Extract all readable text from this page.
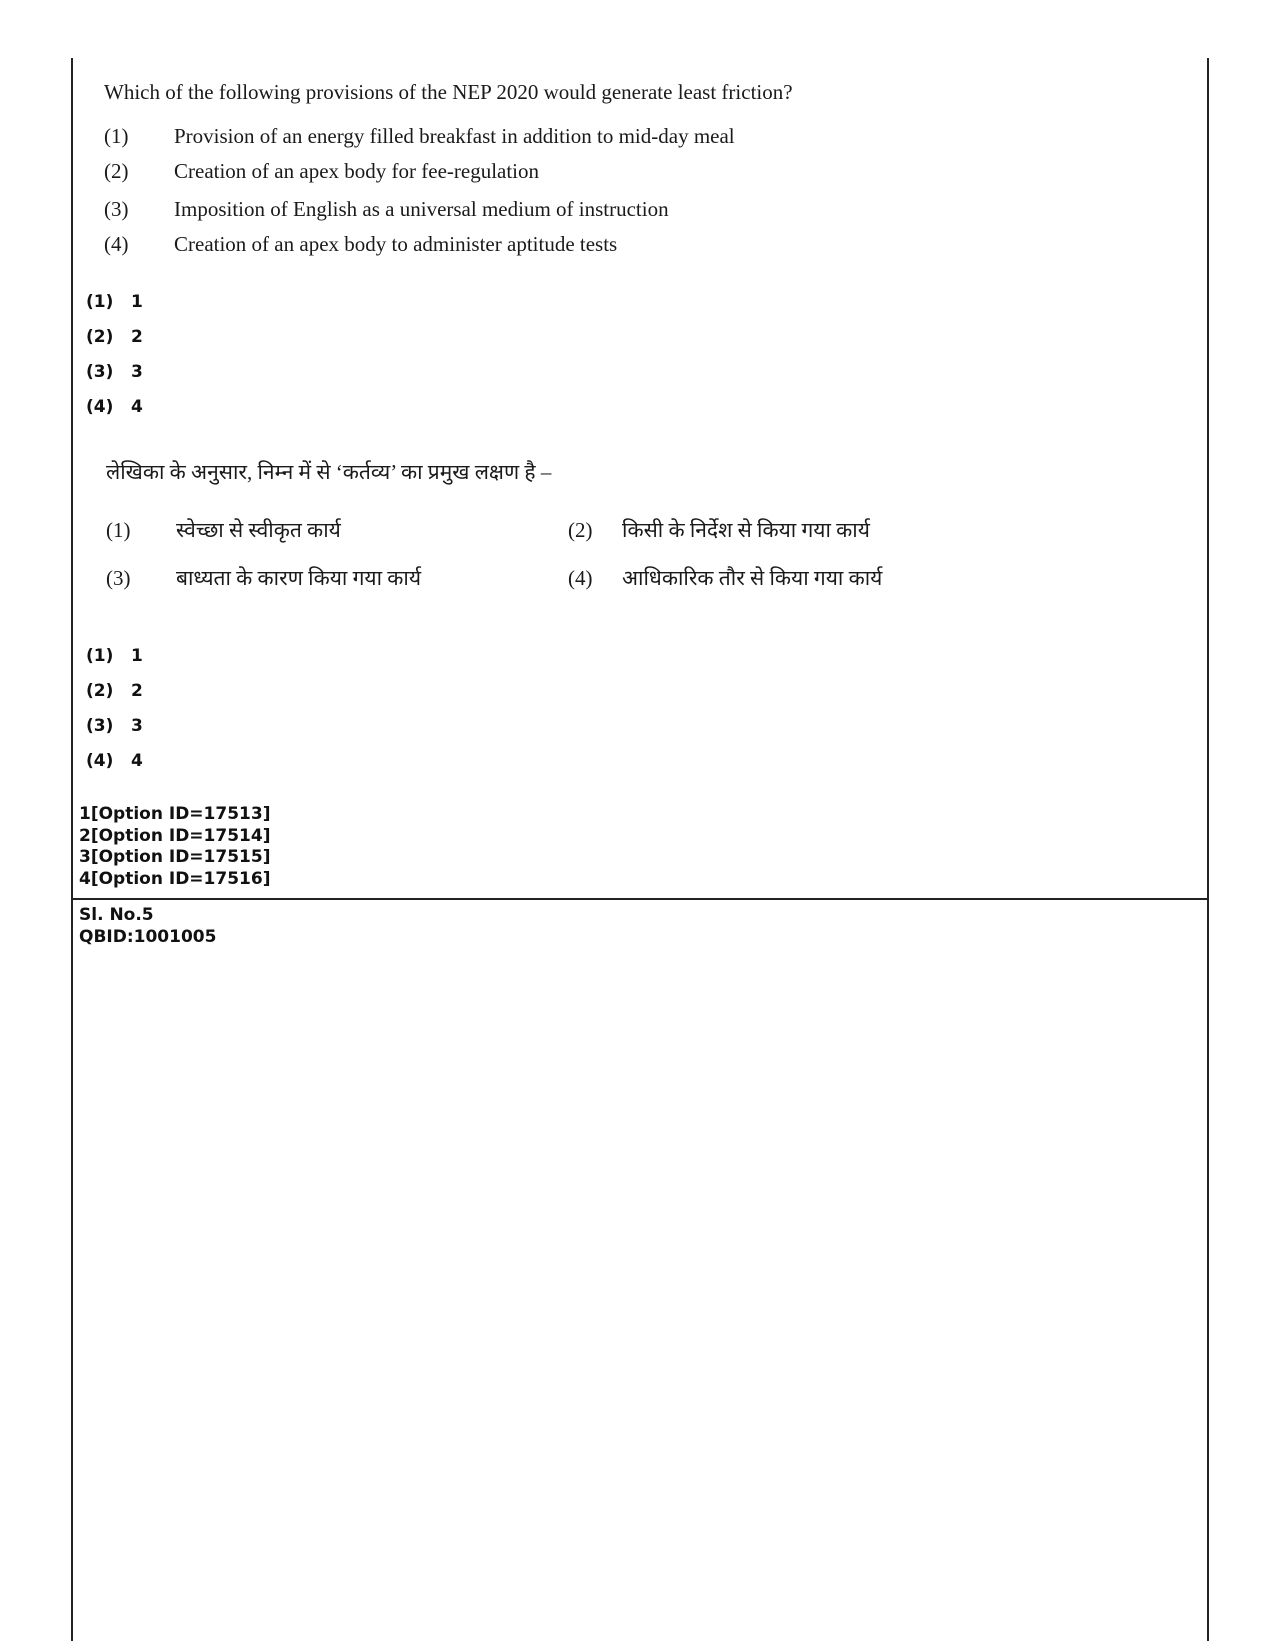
Which of the following provisions of the NEP 2020 would generate least friction?
(1) Provision of an energy filled breakfast in addition to mid-day meal
(2) Creation of an apex body for fee-regulation
(3) Imposition of English as a universal medium of instruction
(4) Creation of an apex body to administer aptitude tests
(1) 1
(2) 2
(3) 3
(4) 4
लेखिका के अनुसार, निम्न में से ‘कर्तव्य’ का प्रमुख लक्षण है –
(1) स्वेच्छा से स्वीकृत कार्य	(2) किसी के निर्देश से किया गया कार्य
(3) बाध्यता के कारण किया गया कार्य	(4) आधिकारिक तौर से किया गया कार्य
(1) 1
(2) 2
(3) 3
(4) 4
1[Option ID=17513]
2[Option ID=17514]
3[Option ID=17515]
4[Option ID=17516]
Sl. No.5
QBID:1001005
